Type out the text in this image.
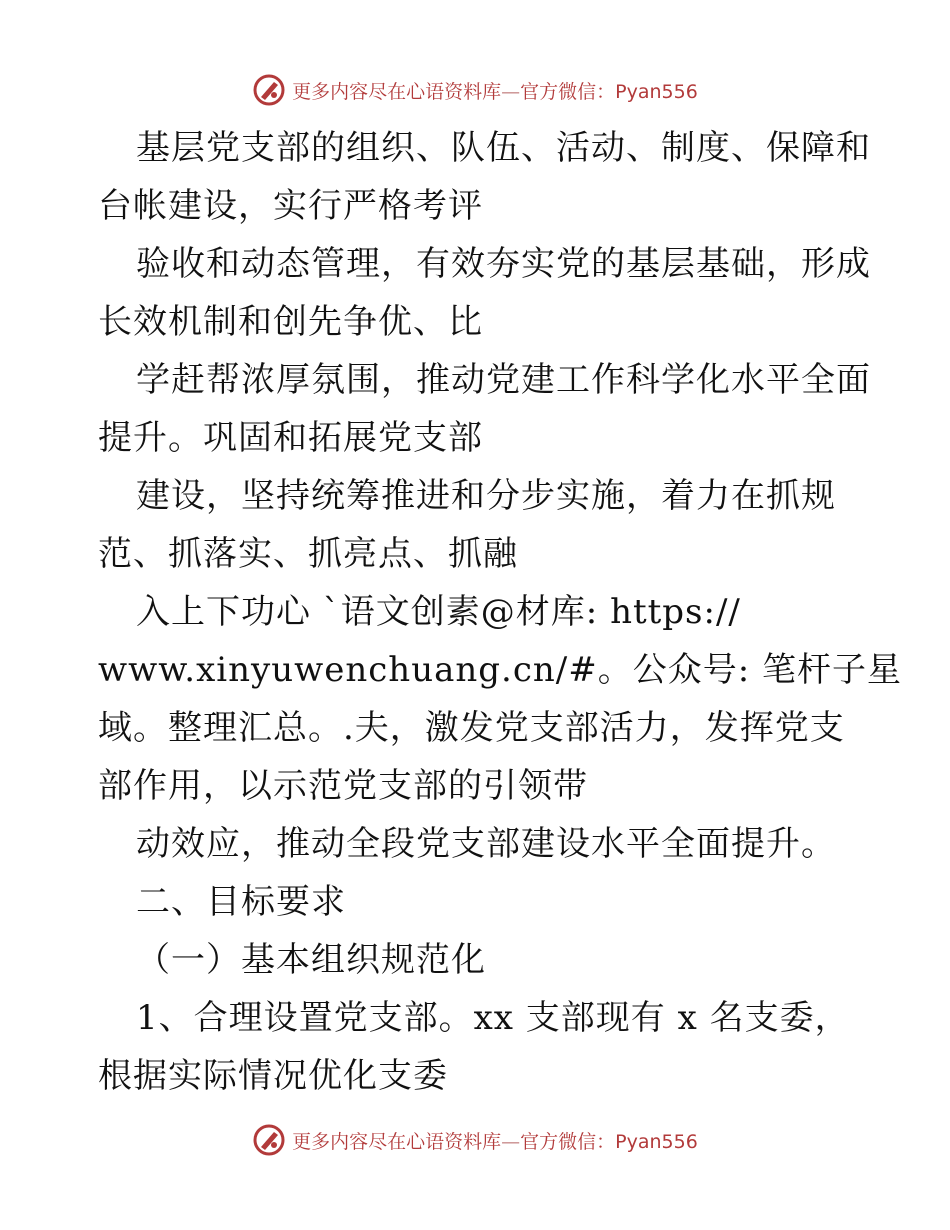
更多内容尽在心语资料库—官方微信：Pyan556
基层党支部的组织、队伍、活动、制度、保障和
台帐建设，实行严格考评
验收和动态管理，有效夯实党的基层基础，形成
长效机制和创先争优、比
学赶帮浓厚氛围，推动党建工作科学化水平全面
提升。巩固和拓展党支部
建设，坚持统筹推进和分步实施，着力在抓规
范、抓落实、抓亮点、抓融
入上下功心 `语文创素@材库: https://
www.xinyuwenchuang.cn/#。公众号: 笔杆子星
域。整理汇总。.夫，激发党支部活力，发挥党支
部作用，以示范党支部的引领带
动效应，推动全段党支部建设水平全面提升。
二、目标要求
（一）基本组织规范化
1、合理设置党支部。xx 支部现有 x 名支委，
根据实际情况优化支委
更多内容尽在心语资料库—官方微信：Pyan556
